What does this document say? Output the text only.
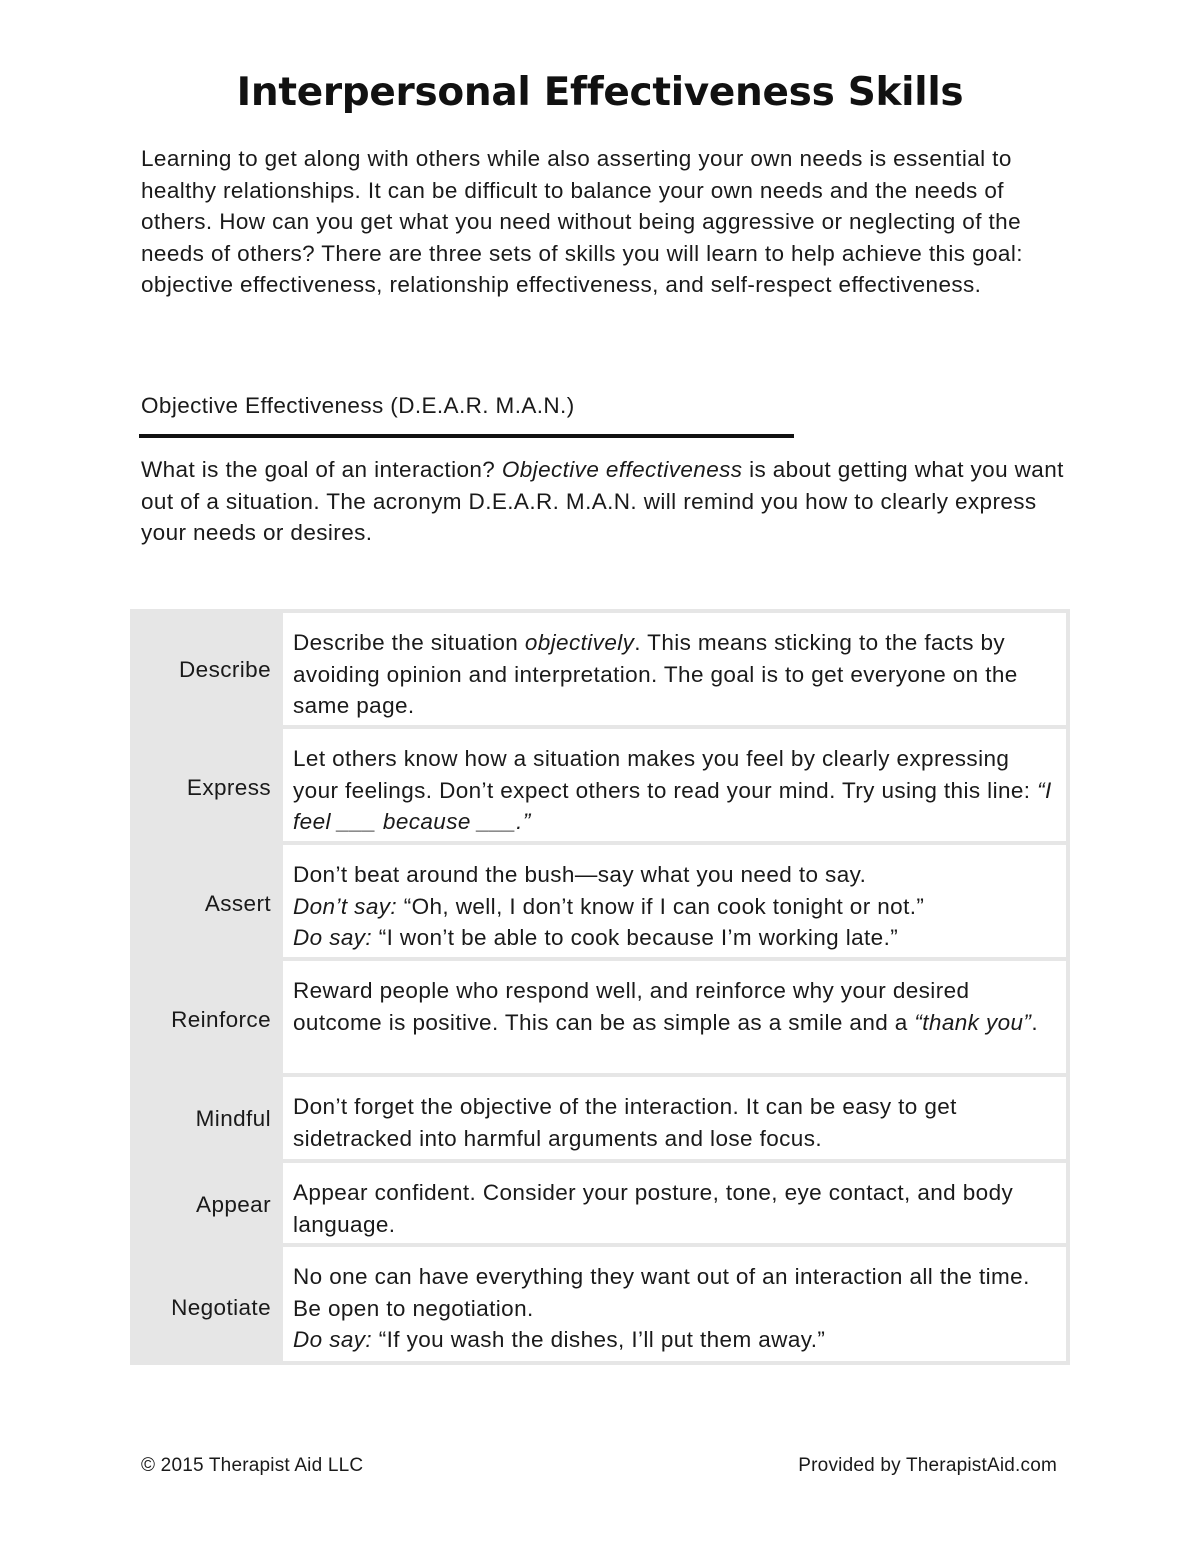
Interpersonal Effectiveness Skills

Learning to get along with others while also asserting your own needs is essential to healthy relationships. It can be difficult to balance your own needs and the needs of others. How can you get what you need without being aggressive or neglecting of the needs of others? There are three sets of skills you will learn to help achieve this goal: objective effectiveness, relationship effectiveness, and self-respect effectiveness.

Objective Effectiveness (D.E.A.R. M.A.N.)

What is the goal of an interaction? Objective effectiveness is about getting what you want out of a situation. The acronym D.E.A.R. M.A.N. will remind you how to clearly express your needs or desires.

Describe

Describe the situation objectively. This means sticking to the facts by avoiding opinion and interpretation. The goal is to get everyone on the same page.

Express

Let others know how a situation makes you feel by clearly expressing your feelings. Don’t expect others to read your mind. Try using this line: “I feel ___ because ___.”

Assert

Don’t beat around the bush—say what you need to say.

Don’t say: “Oh, well, I don’t know if I can cook tonight or not.”

Do say: “I won’t be able to cook because I’m working late.”

Reinforce

Reward people who respond well, and reinforce why your desired outcome is positive. This can be as simple as a smile and a “thank you”.

Mindful Don’t forget the objective of the interaction. It can be easy to get sidetracked into harmful arguments and lose focus.

Appear Appear confident. Consider your posture, tone, eye contact, and body language.

Negotiate

No one can have everything they want out of an interaction all the time. Be open to negotiation.

Do say: “If you wash the dishes, I’ll put them away.”

© 2015 Therapist Aid LLC	Provided by TherapistAid.com
